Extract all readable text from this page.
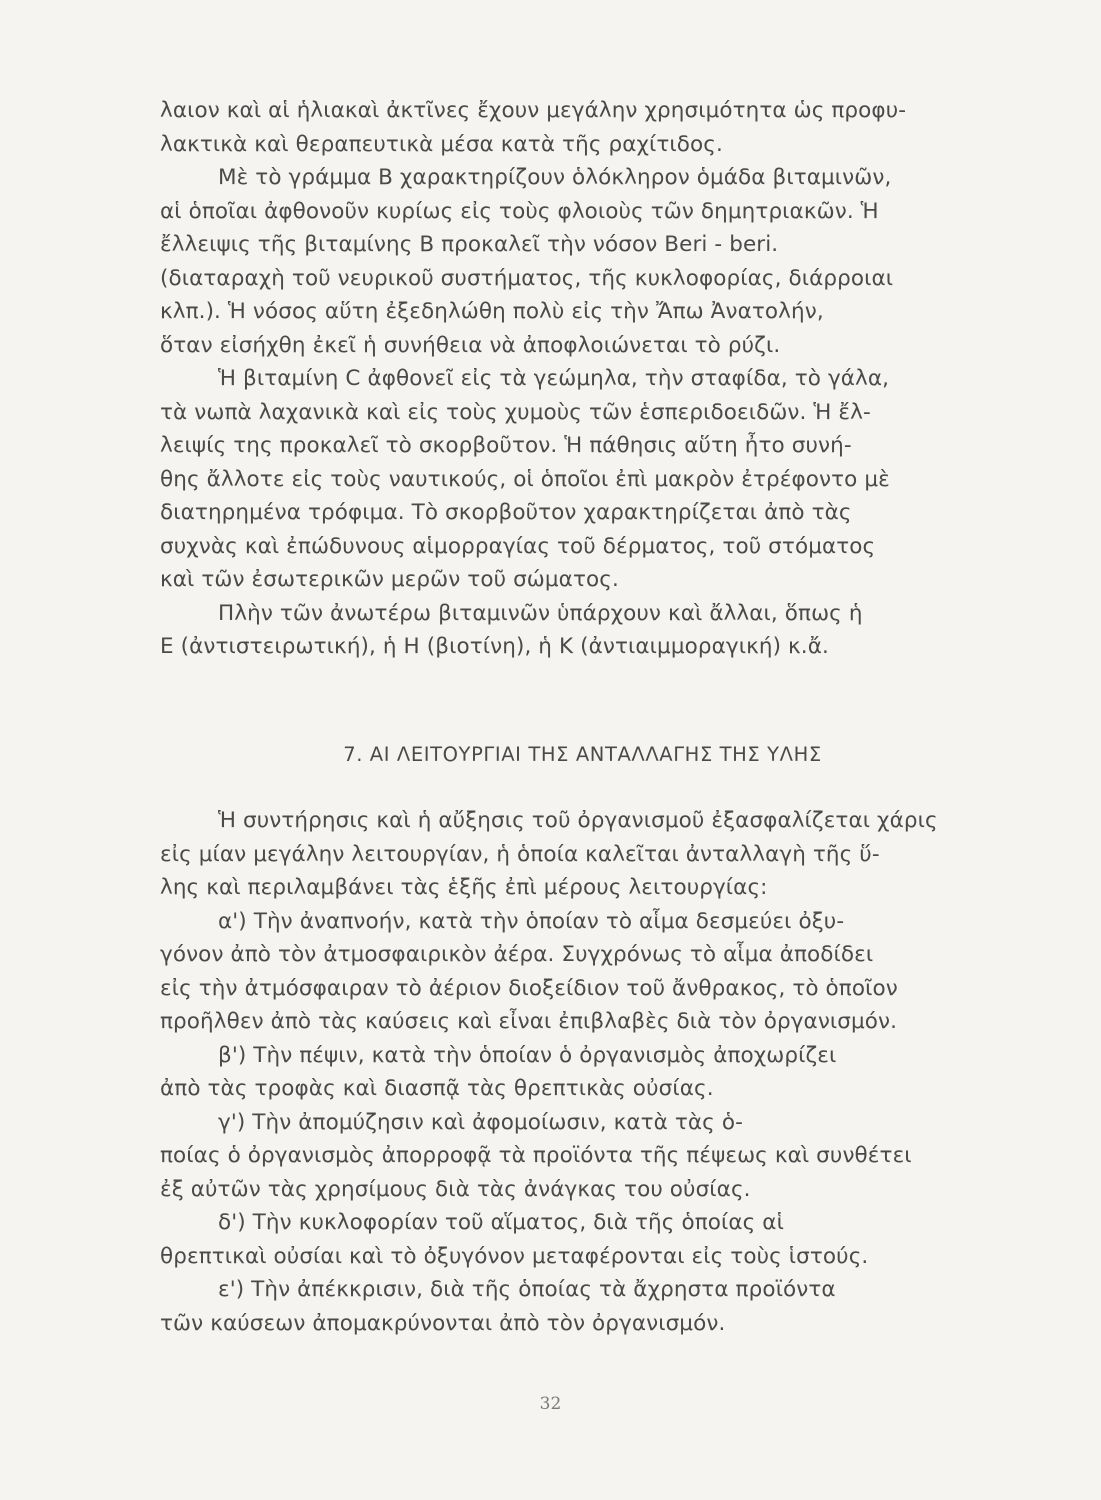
λαιον καὶ αἱ ἡλιακαὶ ἀκτῖνες ἔχουν μεγάλην χρησιμότητα ὡς προφυ-
λακτικὰ καὶ θεραπευτικὰ μέσα κατὰ τῆς ραχίτιδος.
Μὲ τὸ γράμμα Β χαρακτηρίζουν ὁλόκληρον ὁμάδα βιταμινῶν,
αἱ ὁποῖαι ἀφθονοῦν κυρίως εἰς τοὺς φλοιοὺς τῶν δημητριακῶν. Ἡ
ἔλλειψις τῆς βιταμίνης Β προκαλεῖ τὴν νόσον Beri - beri.
(διαταραχὴ τοῦ νευρικοῦ συστήματος, τῆς κυκλοφορίας, διάρροιαι
κλπ.). Ἡ νόσος αὕτη ἐξεδηλώθη πολὺ εἰς τὴν Ἄπω Ἀνατολήν,
ὅταν εἰσήχθη ἐκεῖ ἡ συνήθεια νὰ ἀποφλοιώνεται τὸ ρύζι.
Ἡ βιταμίνη C ἀφθονεῖ εἰς τὰ γεώμηλα, τὴν σταφίδα, τὸ γάλα,
τὰ νωπὰ λαχανικὰ καὶ εἰς τοὺς χυμοὺς τῶν ἑσπεριδοειδῶν. Ἡ ἔλ-
λειψίς της προκαλεῖ τὸ σκορβοῦτον. Ἡ πάθησις αὕτη ἦτο συνή-
θης ἄλλοτε εἰς τοὺς ναυτικούς, οἱ ὁποῖοι ἐπὶ μακρὸν ἐτρέφοντο μὲ
διατηρημένα τρόφιμα. Τὸ σκορβοῦτον χαρακτηρίζεται ἀπὸ τὰς
συχνὰς καὶ ἐπώδυνους αἱμορραγίας τοῦ δέρματος, τοῦ στόματος
καὶ τῶν ἐσωτερικῶν μερῶν τοῦ σώματος.
Πλὴν τῶν ἀνωτέρω βιταμινῶν ὑπάρχουν καὶ ἄλλαι, ὅπως ἡ
Ε (ἀντιστειρωτική), ἡ Η (βιοτίνη), ἡ Κ (ἀντιαιμμοραγική) κ.ἄ.
7. ΑΙ ΛΕΙΤΟΥΡΓΙΑΙ ΤΗΣ ΑΝΤΑΛΛΑΓΗΣ ΤΗΣ ΥΛΗΣ
Ἡ συντήρησις καὶ ἡ αὔξησις τοῦ ὀργανισμοῦ ἐξασφαλίζεται χάρις
εἰς μίαν μεγάλην λειτουργίαν, ἡ ὁποία καλεῖται ἀνταλλαγὴ τῆς ὕ-
λης καὶ περιλαμβάνει τὰς ἑξῆς ἐπὶ μέρους λειτουργίας:
α') Τὴν ἀναπνοήν, κατὰ τὴν ὁποίαν τὸ αἷμα δεσμεύει ὀξυ-
γόνον ἀπὸ τὸν ἀτμοσφαιρικὸν ἀέρα. Συγχρόνως τὸ αἷμα ἀποδίδει
εἰς τὴν ἀτμόσφαιραν τὸ ἀέριον διοξείδιον τοῦ ἄνθρακος, τὸ ὁποῖον
προῆλθεν ἀπὸ τὰς καύσεις καὶ εἶναι ἐπιβλαβὲς διὰ τὸν ὀργανισμόν.
β') Τὴν πέψιν, κατὰ τὴν ὁποίαν ὁ ὀργανισμὸς ἀποχωρίζει
ἀπὸ τὰς τροφὰς καὶ διασπᾷ τὰς θρεπτικὰς οὐσίας.
γ') Τὴν ἀπομύζησιν καὶ ἀφομοίωσιν, κατὰ τὰς ὁ-
ποίας ὁ ὀργανισμὸς ἀπορροφᾷ τὰ προϊόντα τῆς πέψεως καὶ συνθέτει
ἐξ αὐτῶν τὰς χρησίμους διὰ τὰς ἀνάγκας του οὐσίας.
δ') Τὴν κυκλοφορίαν τοῦ αἵματος, διὰ τῆς ὁποίας αἱ
θρεπτικαὶ οὐσίαι καὶ τὸ ὀξυγόνον μεταφέρονται εἰς τοὺς ἱστούς.
ε') Τὴν ἀπέκκρισιν, διὰ τῆς ὁποίας τὰ ἄχρηστα προϊόντα
τῶν καύσεων ἀπομακρύνονται ἀπὸ τὸν ὀργανισμόν.
32
